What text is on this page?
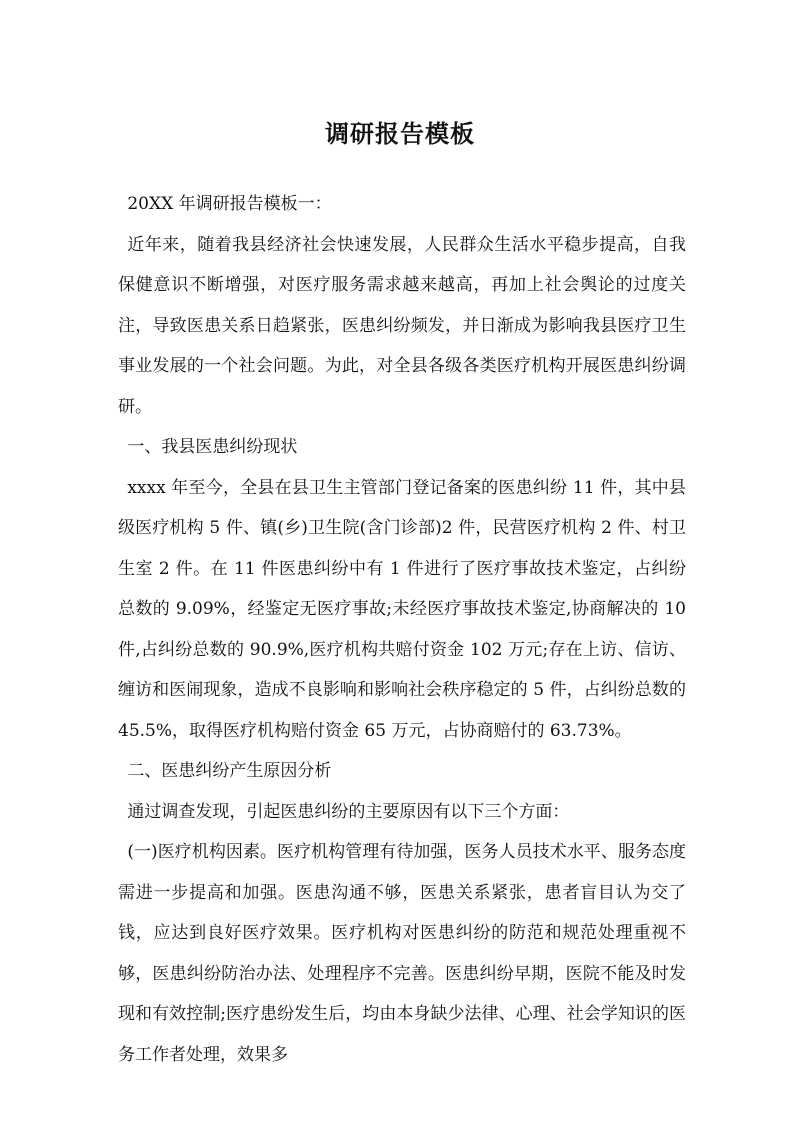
调研报告模板

20XX 年调研报告模板一：

近年来，随着我县经济社会快速发展，人民群众生活水平稳步提高，自我保健意识不断增强，对医疗服务需求越来越高，再加上社会舆论的过度关注，导致医患关系日趋紧张，医患纠纷频发，并日渐成为影响我县医疗卫生事业发展的一个社会问题。为此，对全县各级各类医疗机构开展医患纠纷调研。

一、我县医患纠纷现状

xxxx 年至今，全县在县卫生主管部门登记备案的医患纠纷 11 件，其中县级医疗机构 5 件、镇(乡)卫生院(含门诊部)2 件，民营医疗机构 2 件、村卫生室 2 件。在 11 件医患纠纷中有 1 件进行了医疗事故技术鉴定，占纠纷总数的 9.09%，经鉴定无医疗事故;未经医疗事故技术鉴定,协商解决的 10 件,占纠纷总数的 90.9%,医疗机构共赔付资金 102 万元;存在上访、信访、缠访和医闹现象，造成不良影响和影响社会秩序稳定的 5 件，占纠纷总数的 45.5%，取得医疗机构赔付资金 65 万元，占协商赔付的 63.73%。

二、医患纠纷产生原因分析

通过调查发现，引起医患纠纷的主要原因有以下三个方面：

(一)医疗机构因素。医疗机构管理有待加强，医务人员技术水平、服务态度需进一步提高和加强。医患沟通不够，医患关系紧张，患者盲目认为交了钱，应达到良好医疗效果。医疗机构对医患纠纷的防范和规范处理重视不够，医患纠纷防治办法、处理程序不完善。医患纠纷早期，医院不能及时发现和有效控制;医疗患纷发生后，均由本身缺少法律、心理、社会学知识的医务工作者处理，效果多
